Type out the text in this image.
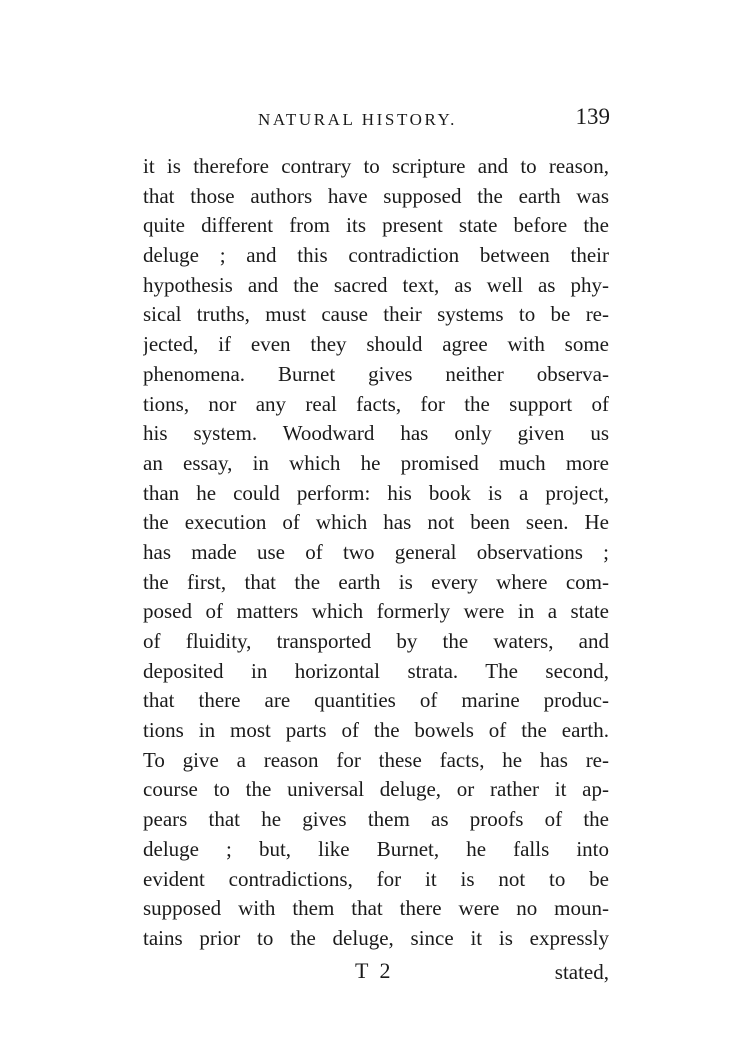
NATURAL HISTORY.	139
it is therefore contrary to scripture and to reason,
that those authors have supposed the earth was
quite different from its present state before the
deluge ; and this contradiction between their
hypothesis and the sacred text, as well as phy-
sical truths, must cause their systems to be re-
jected, if even they should agree with some
phenomena. Burnet gives neither observa-
tions, nor any real facts, for the support of
his system. Woodward has only given us
an essay, in which he promised much more
than he could perform: his book is a project,
the execution of which has not been seen. He
has made use of two general observations ;
the first, that the earth is every where com-
posed of matters which formerly were in a state
of fluidity, transported by the waters, and
deposited in horizontal strata. The second,
that there are quantities of marine produc-
tions in most parts of the bowels of the earth.
To give a reason for these facts, he has re-
course to the universal deluge, or rather it ap-
pears that he gives them as proofs of the
deluge ; but, like Burnet, he falls into
evident contradictions, for it is not to be
supposed with them that there were no moun-
tains prior to the deluge, since it is expressly
T 2	stated,
